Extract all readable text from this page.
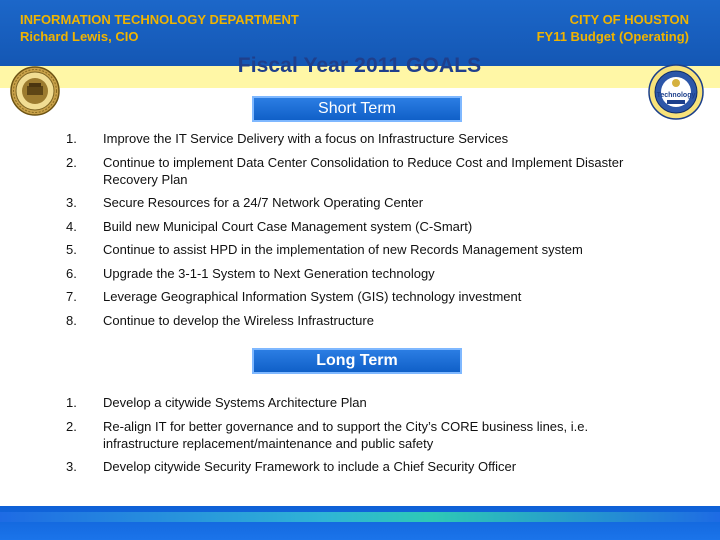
INFORMATION TECHNOLOGY DEPARTMENT
Richard Lewis, CIO
CITY OF HOUSTON
FY11 Budget (Operating)
Fiscal Year 2011 GOALS
Technology
Short Term
1.	Improve the IT Service Delivery with a focus on Infrastructure Services
2.	Continue to implement Data Center Consolidation to Reduce Cost and Implement Disaster Recovery Plan
3.	Secure Resources for a 24/7 Network Operating Center
4.	Build new Municipal Court Case Management system (C-Smart)
5.	Continue to assist HPD in the implementation of new Records Management system
6.	Upgrade the 3-1-1 System to Next Generation technology
7.	Leverage Geographical Information System (GIS) technology investment
8.	Continue to develop the Wireless Infrastructure
Long Term
1.	Develop a citywide Systems Architecture Plan
2.	Re-align IT for better governance and to support the City’s CORE business lines, i.e. infrastructure replacement/maintenance and public safety
3.	Develop citywide Security Framework to include a Chief Security Officer
